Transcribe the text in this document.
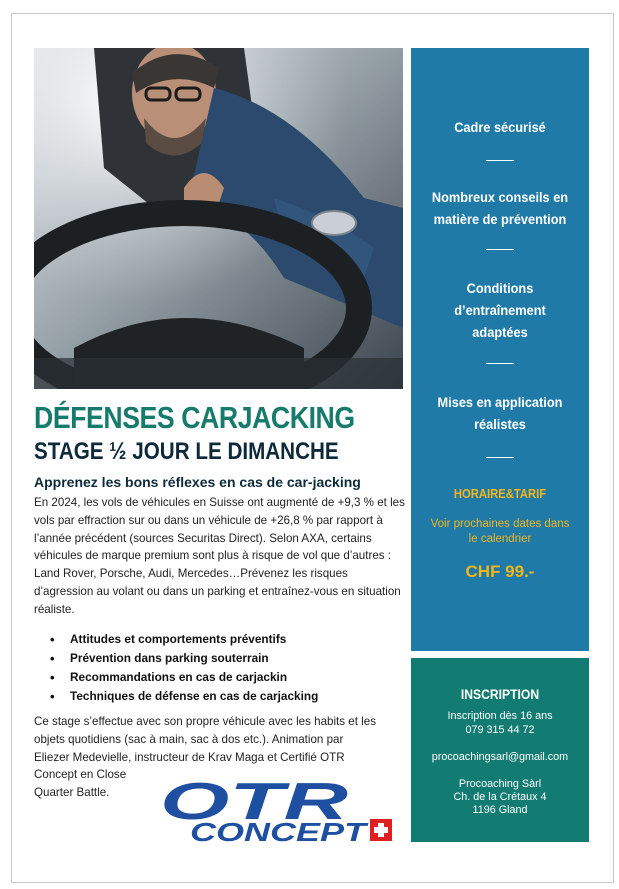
DÉFENSES CARJACKING
STAGE ½ JOUR LE DIMANCHE
Apprenez les bons réflexes en cas de car-jacking
En 2024, les vols de véhicules en Suisse ont augmenté de +9,3 % et les vols par effraction sur ou dans un véhicule de +26,8 % par rapport à l’année précédent (sources Securitas Direct). Selon AXA, certains véhicules de marque premium sont plus à risque de vol que d’autres : Land Rover, Porsche, Audi, Mercedes…Prévenez les risques d’agression au volant ou dans un parking et entraînez-vous en situation réaliste.
• Attitudes et comportements préventifs
• Prévention dans parking souterrain
• Recommandations en cas de carjackin
• Techniques de défense en cas de carjacking
Ce stage s’effectue avec son propre véhicule avec les habits et les
objets quotidiens (sac à main, sac à dos etc.). Animation par
Eliezer Medevielle, instructeur de Krav Maga et Certifié OTR
Concept en Close
Quarter Battle. OTR
CONCEPT
Cadre sécurisé
Nombreux conseils en
matière de prévention
Conditions
d’entraînement
adaptées
Mises en application
réalistes
HORAIRE&TARIF
Voir prochaines dates dans
le calendrier
CHF 99.-
INSCRIPTION
Inscription dès 16 ans
079 315 44 72
procoachingsarl@gmail.com
Procoaching Sàrl
Ch. de la Crétaux 4
1196 Gland
